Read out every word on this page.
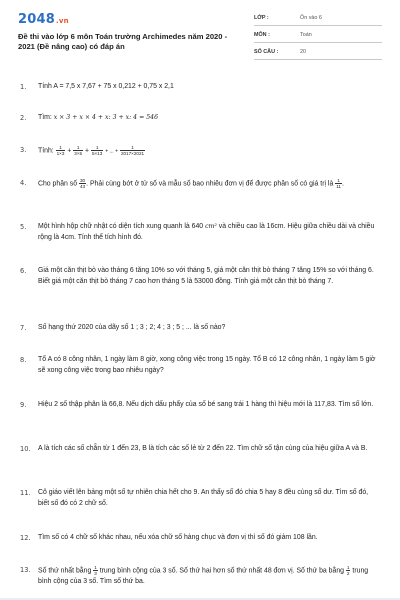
2048.vn
Đề thi vào lớp 6 môn Toán trường Archimedes năm 2020 - 2021 (Đề nâng cao) có đáp án
LỚP :	Ôn vào 6
MÔN :	Toán
SỐ CÂU :	20
1. Tính A = 7,5 x 7,67 + 75 x 0,212 + 0,75 x 2,1
2. Tìm: x × 3 + x × 4 + x: 3 + x: 4 = 546
3. Tính: $\frac{1}{1\times 3} + \frac{1}{3\times 5} + \frac{1}{5\times 13}$ + ... + $\frac{1}{2017\times 2021}$
4. Cho phân số $\frac{30}{43}$ . Phải cùng bớt ở tử số và mẫu số bao nhiêu đơn vị để được phân số có giá trị là $\frac{1}{11}$ .
5. Một hình hộp chữ nhật có diện tích xung quanh là 640 cm² và chiều cao là 16cm. Hiệu giữa chiều dài và chiều rộng là 4cm. Tính thể tích hình đó.
6. Giá một căn thịt bò vào tháng 6 tăng 10% so với tháng 5, giá một căn thịt bò tháng 7 tăng 15% so với tháng 6. Biết giá một căn thịt bò tháng 7 cao hơn tháng 5 là 53000 đồng. Tính giá một căn thịt bò tháng 7.
7. Số hạng thứ 2020 của dãy số 1 ; 3 ; 2; 4 ; 3 ; 5 ; ... là số nào?
8. Tổ A có 8 công nhân, 1 ngày làm 8 giờ, xong công việc trong 15 ngày. Tổ B có 12 công nhân, 1 ngày làm 5 giờ sẽ xong công việc trong bao nhiêu ngày?
9. Hiệu 2 số thập phân là 66,8. Nếu dịch dấu phẩy của số bé sang trái 1 hàng thì hiệu mới là 117,83. Tìm số lớn.
10. A là tích các số chẵn từ 1 đến 23, B là tích các số lẻ từ 2 đến 22. Tìm chữ số tận cùng của hiệu giữa A và B.
11. Cô giáo viết lên bảng một số tự nhiên chia hết cho 9. An thấy số đó chia 5 hay 8 đều cùng số dư. Tìm số đó, biết số đó có 2 chữ số.
12. Tìm số có 4 chữ số khác nhau, nếu xóa chữ số hàng chục và đơn vị thì số đó giảm 108 lần.
13. Số thứ nhất bằng $\frac{1}{3}$ trung bình cộng của 3 số. Số thứ hai hơn số thứ nhất 48 đơn vị. Số thứ ba bằng $\frac{1}{2}$ trung bình cộng của 3 số. Tìm số thứ ba.
